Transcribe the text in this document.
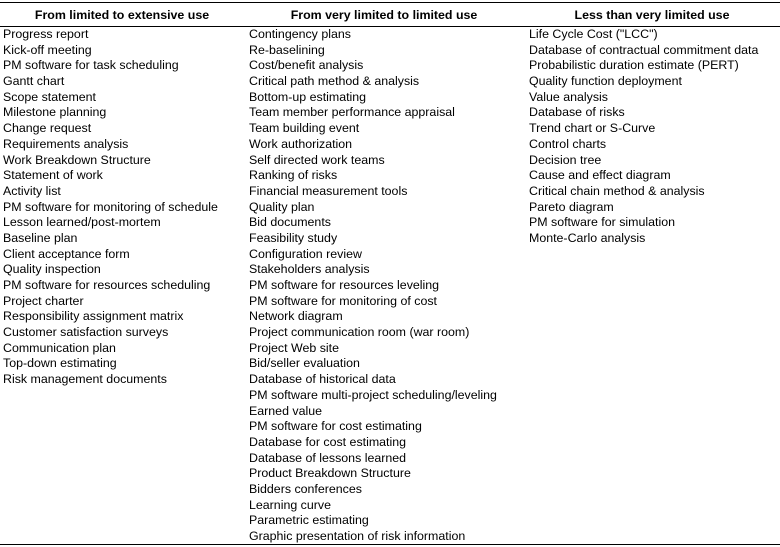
From limited to extensive use	From very limited to limited use	Less than very limited use
Progress report
Kick-off meeting
PM software for task scheduling
Gantt chart
Scope statement
Milestone planning
Change request
Requirements analysis
Work Breakdown Structure
Statement of work
Activity list
PM software for monitoring of schedule
Lesson learned/post-mortem
Baseline plan
Client acceptance form
Quality inspection
PM software for resources scheduling
Project charter
Responsibility assignment matrix
Customer satisfaction surveys
Communication plan
Top-down estimating
Risk management documents
Contingency plans
Re-baselining
Cost/benefit analysis
Critical path method & analysis
Bottom-up estimating
Team member performance appraisal
Team building event
Work authorization
Self directed work teams
Ranking of risks
Financial measurement tools
Quality plan
Bid documents
Feasibility study
Configuration review
Stakeholders analysis
PM software for resources leveling
PM software for monitoring of cost
Network diagram
Project communication room (war room)
Project Web site
Bid/seller evaluation
Database of historical data
PM software multi-project scheduling/leveling
Earned value
PM software for cost estimating
Database for cost estimating
Database of lessons learned
Product Breakdown Structure
Bidders conferences
Learning curve
Parametric estimating
Graphic presentation of risk information
Life Cycle Cost ("LCC")
Database of contractual commitment data
Probabilistic duration estimate (PERT)
Quality function deployment
Value analysis
Database of risks
Trend chart or S-Curve
Control charts
Decision tree
Cause and effect diagram
Critical chain method & analysis
Pareto diagram
PM software for simulation
Monte-Carlo analysis
